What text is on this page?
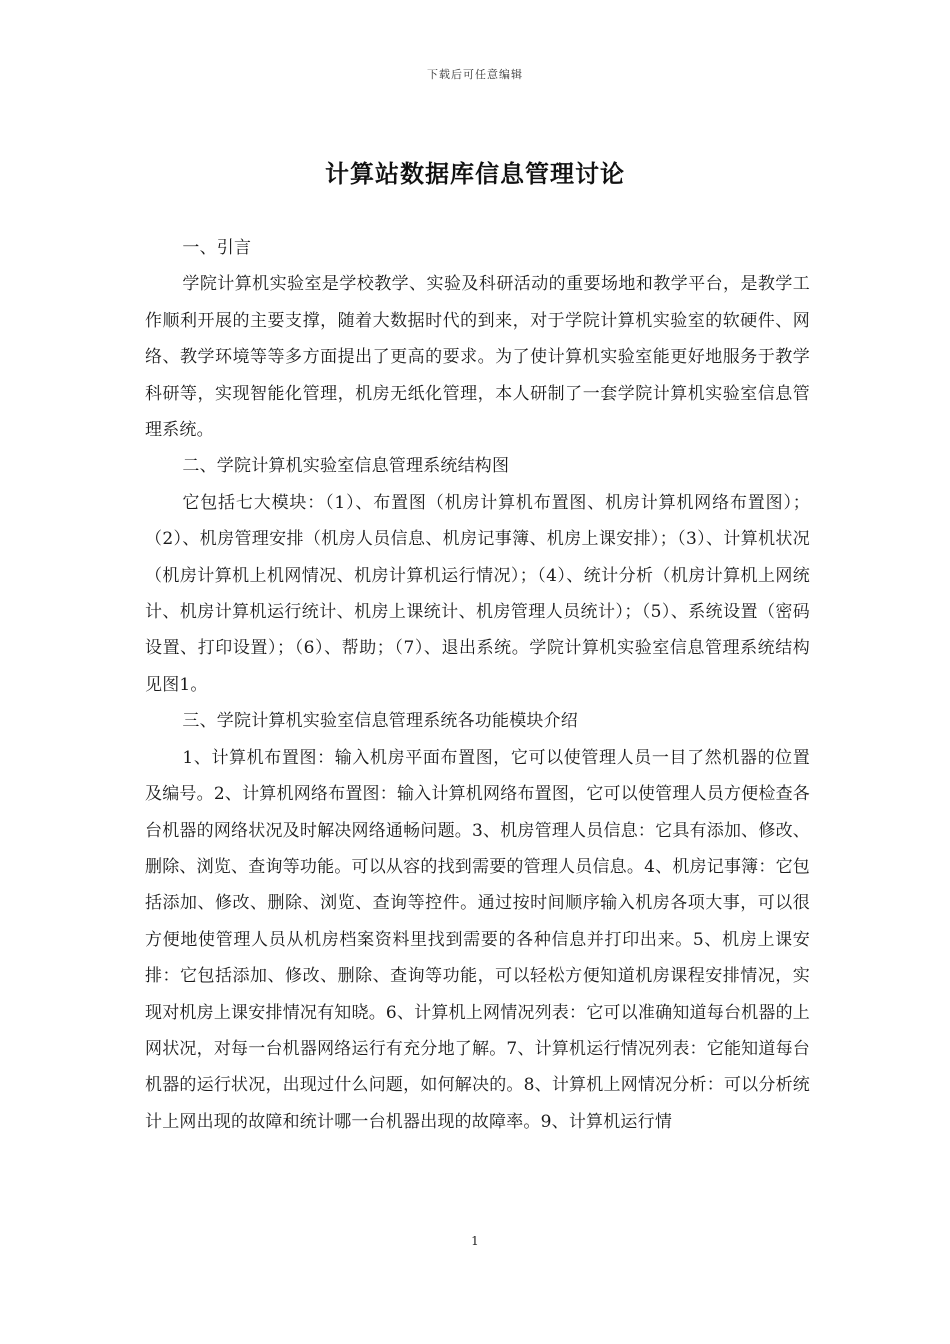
下载后可任意编辑
计算站数据库信息管理讨论

一、引言

学院计算机实验室是学校教学、实验及科研活动的重要场地和教学平台，是教学工作顺利开展的主要支撑，随着大数据时代的到来，对于学院计算机实验室的软硬件、网络、教学环境等等多方面提出了更高的要求。为了使计算机实验室能更好地服务于教学科研等，实现智能化管理，机房无纸化管理，本人研制了一套学院计算机实验室信息管理系统。

二、学院计算机实验室信息管理系统结构图

它包括七大模块：（1）、布置图（机房计算机布置图、机房计算机网络布置图）；（2）、机房管理安排（机房人员信息、机房记事簿、机房上课安排）；（3）、计算机状况（机房计算机上机网情况、机房计算机运行情况）；（4）、统计分析（机房计算机上网统计、机房计算机运行统计、机房上课统计、机房管理人员统计）；（5）、系统设置（密码设置、打印设置）；（6）、帮助；（7）、退出系统。学院计算机实验室信息管理系统结构见图1。

三、学院计算机实验室信息管理系统各功能模块介绍

1、计算机布置图：输入机房平面布置图，它可以使管理人员一目了然机器的位置及编号。2、计算机网络布置图：输入计算机网络布置图，它可以使管理人员方便检查各台机器的网络状况及时解决网络通畅问题。3、机房管理人员信息：它具有添加、修改、删除、浏览、查询等功能。可以从容的找到需要的管理人员信息。4、机房记事簿：它包括添加、修改、删除、浏览、查询等控件。通过按时间顺序输入机房各项大事，可以很方便地使管理人员从机房档案资料里找到需要的各种信息并打印出来。5、机房上课安排：它包括添加、修改、删除、查询等功能，可以轻松方便知道机房课程安排情况，实现对机房上课安排情况有知晓。6、计算机上网情况列表：它可以准确知道每台机器的上网状况，对每一台机器网络运行有充分地了解。7、计算机运行情况列表：它能知道每台机器的运行状况，出现过什么问题，如何解决的。8、计算机上网情况分析：可以分析统计上网出现的故障和统计哪一台机器出现的故障率。9、计算机运行情

1
